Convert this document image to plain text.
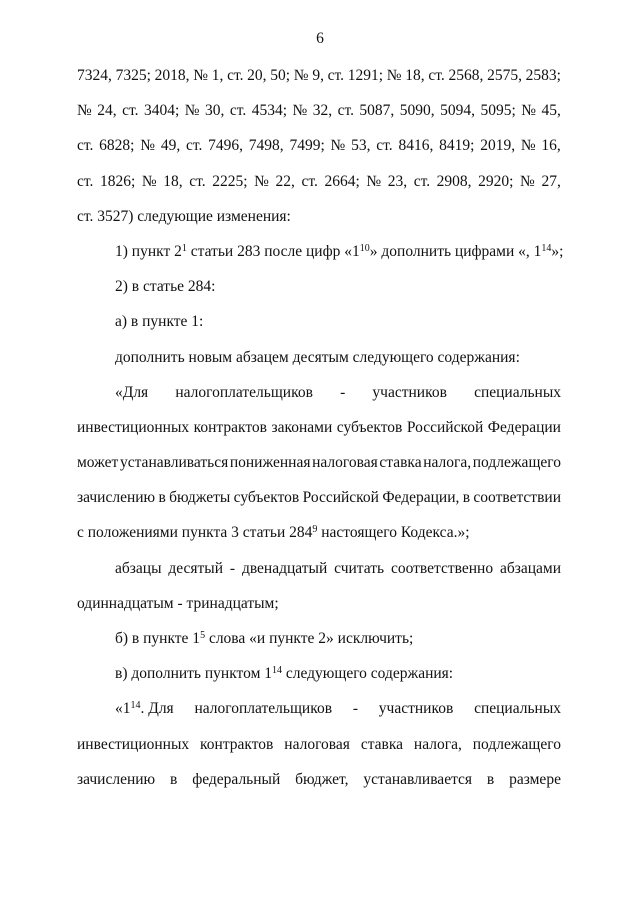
6
7324, 7325; 2018, № 1, ст. 20, 50; № 9, ст. 1291; № 18, ст. 2568, 2575, 2583;
№ 24, ст. 3404; № 30, ст. 4534; № 32, ст. 5087, 5090, 5094, 5095; № 45,
ст. 6828; № 49, ст. 7496, 7498, 7499; № 53, ст. 8416, 8419; 2019, № 16,
ст. 1826; № 18, ст. 2225; № 22, ст. 2664; № 23, ст. 2908, 2920; № 27,
ст. 3527) следующие изменения:
1) пункт $2^1$ статьи 283 после цифр «$1^{10}$» дополнить цифрами «, $1^{14}$»;
2) в статье 284:
а) в пункте 1:
дополнить новым абзацем десятым следующего содержания:
«Для налогоплательщиков - участников специальных
инвестиционных контрактов законами субъектов Российской Федерации
может устанавливаться пониженная налоговая ставка налога, подлежащего
зачислению в бюджеты субъектов Российской Федерации, в соответствии
с положениями пункта 3 статьи $284^9$ настоящего Кодекса.»;
абзацы десятый - двенадцатый считать соответственно абзацами
одиннадцатым - тринадцатым;
б) в пункте $1^5$ слова «и пункте 2» исключить;
в) дополнить пунктом $1^{14}$ следующего содержания:
«$1^{14}$. Для налогоплательщиков - участников специальных
инвестиционных контрактов налоговая ставка налога, подлежащего
зачислению в федеральный бюджет, устанавливается в размере
